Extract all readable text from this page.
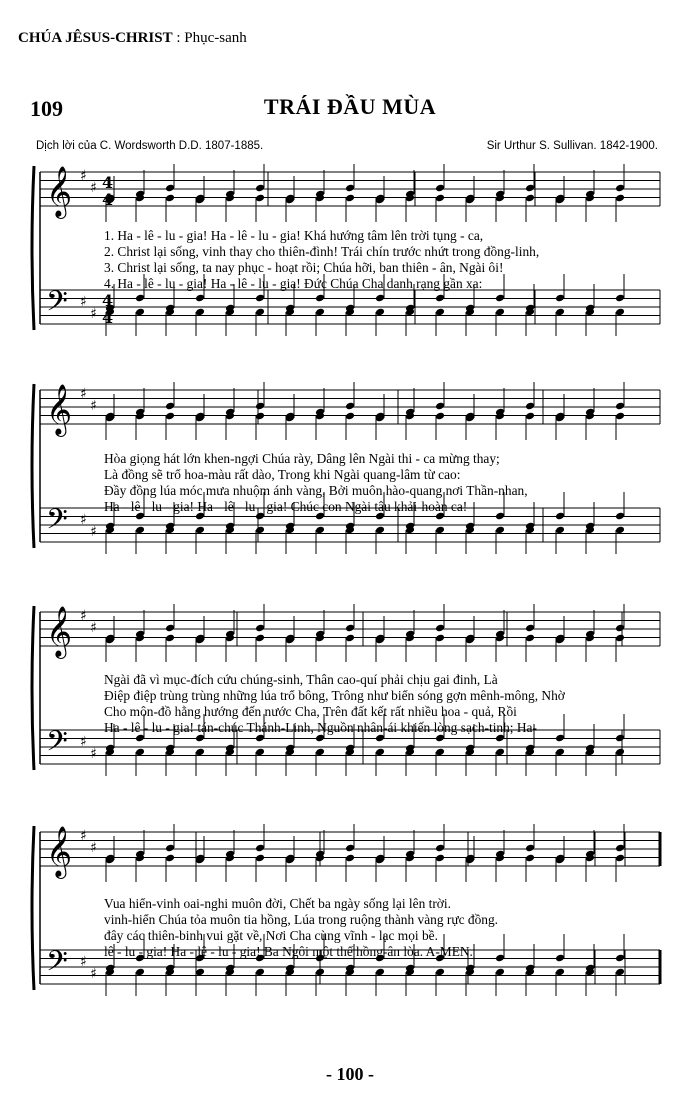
CHÚA JÊSUS-CHRIST : Phục-sanh
109	TRÁI ĐẦU MÙA
Dịch lời của C. Wordsworth D.D. 1807-1885.	Sir Urthur S. Sullivan. 1842-1900.
𝄞 ♯
♯
𝄢 ♯
♯
4
4
4
4
1. Ha - lê - lu - gia! Ha - lê - lu - gia! Khá hướng tâm lên trời tụng - ca,
2. Christ lại sống, vinh thay cho thiên-đình! Trái chín trước nhứt trong đồng-linh,
3. Christ lại sống, ta nay phục - hoạt rồi; Chúa hỡi, ban thiên - ân, Ngài ôi!
4. Ha - lê - lu - gia! Ha - lê - lu - gia! Đức Chúa Cha danh rạng gần xa:
𝄞 ♯
♯
𝄢 ♯
♯
Hòa giọng hát lớn khen-ngợi Chúa rày, Dâng lên Ngài thi - ca mừng thay;
Là đồng sẽ trổ hoa-màu rất dào, Trong khi Ngài quang-lâm từ cao:
Đầy đồng lúa móc mưa nhuộm ánh vàng, Bởi muôn hào-quang nơi Thần-nhan,
Ha - lê - lu - gia! Ha - lê - lu - gia! Chúc con Ngài tâu khải-hoàn ca!
𝄞 ♯
♯
𝄢 ♯
♯
Ngài đã vì mục-đích cứu chúng-sinh, Thân cao-quí phải chịu gai đinh, Là
Điệp điệp trùng trùng những lúa trổ bông, Trông như biển sóng gợn mênh-mông, Nhờ
Cho môn-đồ hằng hướng đến nước Cha, Trên đất kết rất nhiều hoa - quả, Rồi
Ha - lê - lu - gia! tán-chúc Thánh-Linh, Nguồn nhân-ái khiến lòng sạch-tinh; Ha-
𝄞 ♯
♯
𝄢 ♯
♯
Vua hiển-vinh oai-nghi muôn đời, Chết ba ngày sống lại lên trời.
vinh-hiển Chúa tỏa muôn tia hồng, Lúa trong ruộng thành vàng rực đồng.
đây các thiên-binh vui gặt về, Nơi Cha cùng vĩnh - lạc mọi bề.
lê - lu - gia! Ha - lê - lu - gia! Ba Ngôi một thể hồng-ân lòa. A-MEN.
- 100 -
